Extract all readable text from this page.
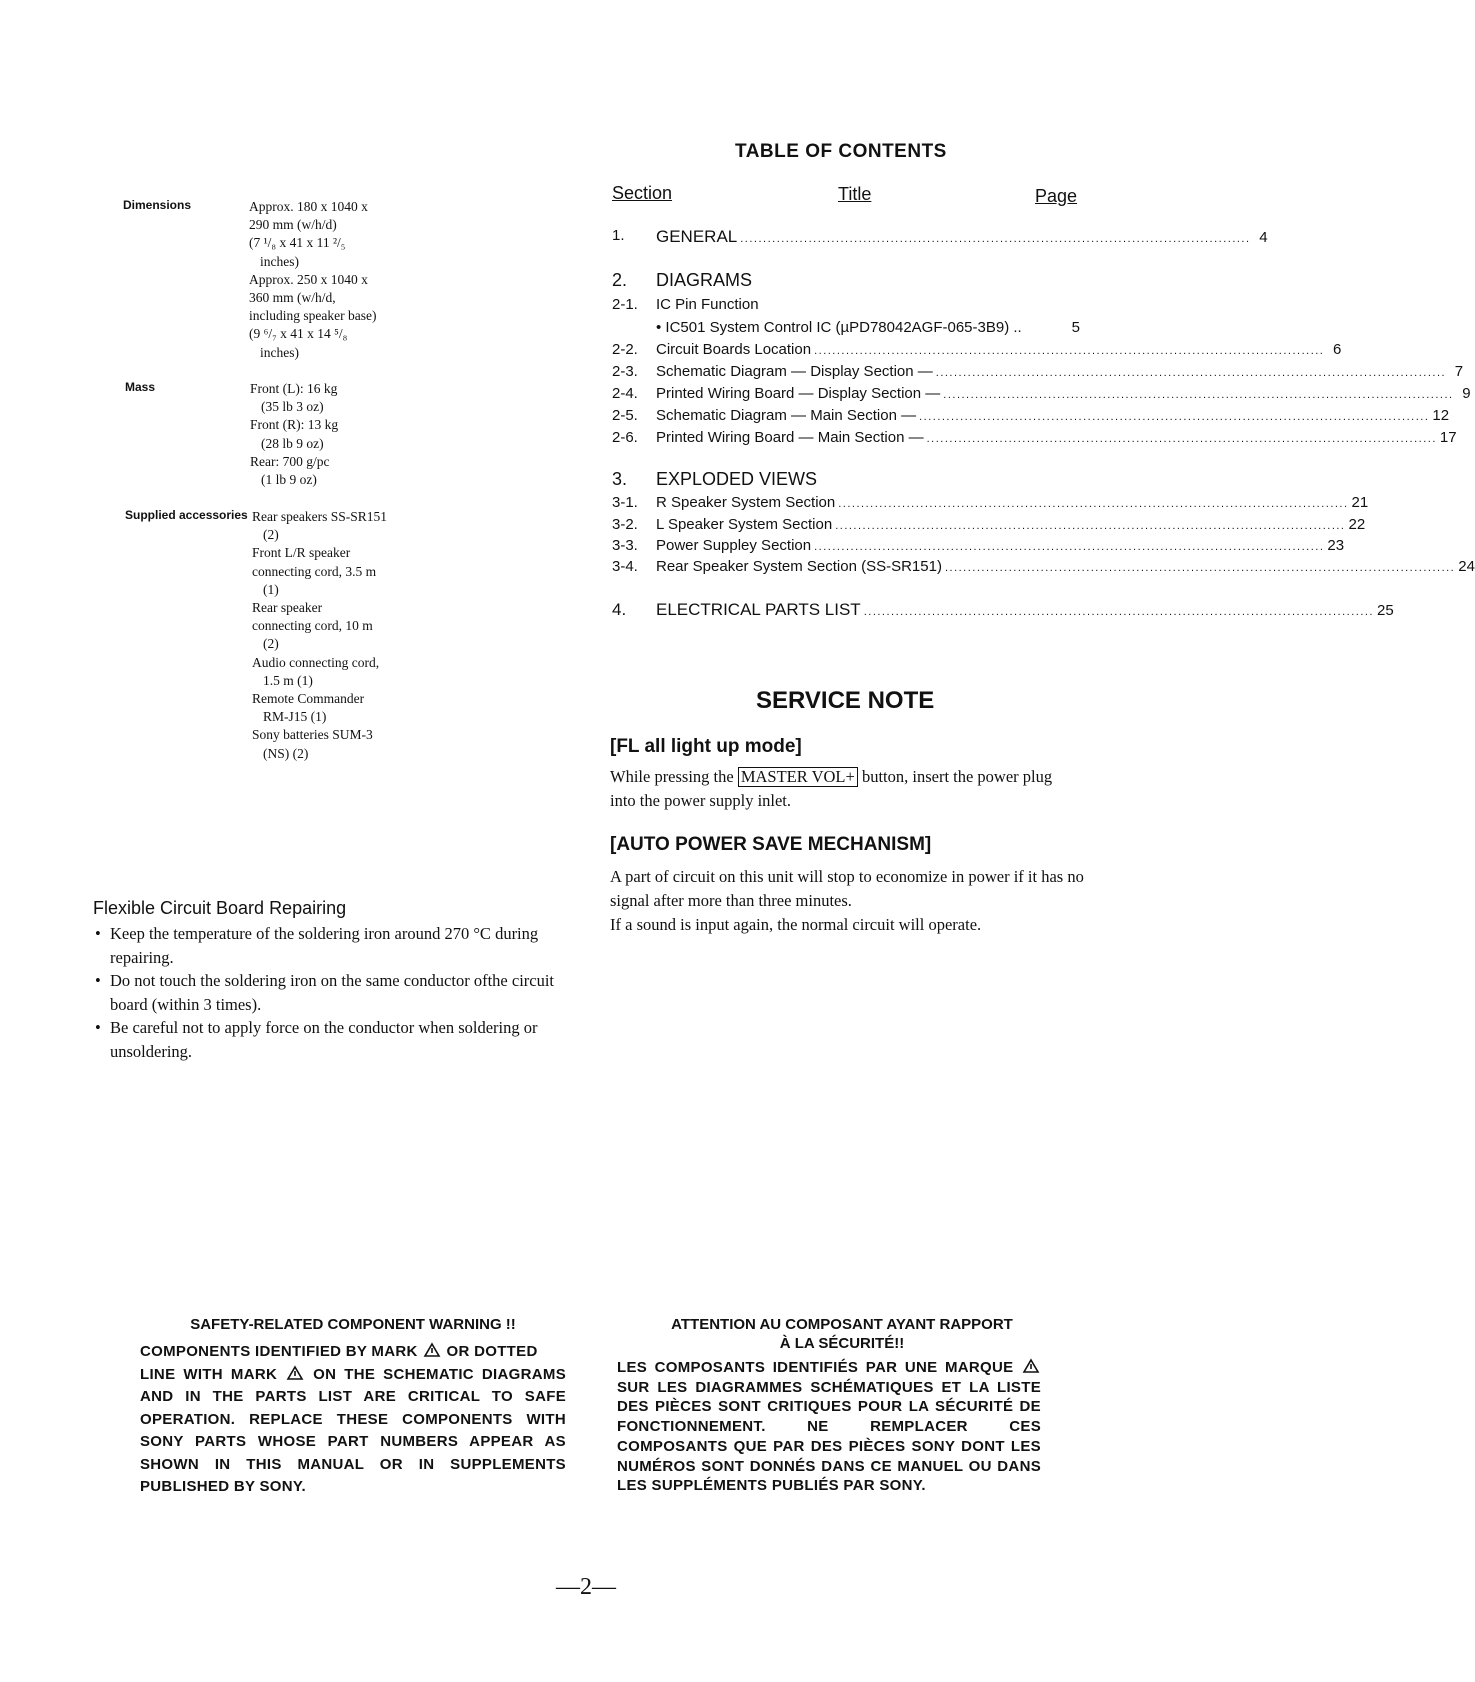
Dimensions	Approx. 180 x 1040 x
290 mm (w/h/d)
(7 ¹/₈ x 41 x 11 ²/₅
inches)
Approx. 250 x 1040 x
360 mm (w/h/d,
including speaker base)
(9 ⁶/₇ x 41 x 14 ⁵/₈
inches)
Mass	Front (L): 16 kg
(35 lb 3 oz)
Front (R): 13 kg
(28 lb 9 oz)
Rear: 700 g/pc
(1 lb 9 oz)
Supplied accessories Rear speakers SS-SR151
(2)
Front L/R speaker
connecting cord, 3.5 m
(1)
Rear speaker
connecting cord, 10 m
(2)
Audio connecting cord,
1.5 m (1)
Remote Commander
RM-J15 (1)
Sony batteries SUM-3
(NS) (2)
TABLE OF CONTENTS
Section	Title	Page
1. GENERAL ................................................................................................................ 4
2. DIAGRAMS
2-1. IC Pin Function
• IC501 System Control IC (µPD78042AGF-065-3B9) ..	5
2-2. Circuit Boards Location ................................................................................................................ 6
2-3. Schematic Diagram — Display Section — ................................................................................................................ 7
2-4. Printed Wiring Board — Display Section — ................................................................................................................ 9
2-5. Schematic Diagram — Main Section — ................................................................................................................ 12
2-6. Printed Wiring Board — Main Section — ................................................................................................................ 17
3. EXPLODED VIEWS
3-1. R Speaker System Section ................................................................................................................ 21
3-2. L Speaker System Section ................................................................................................................ 22
3-3. Power Suppley Section ................................................................................................................ 23
3-4. Rear Speaker System Section (SS-SR151) ................................................................................................................ 24
4. ELECTRICAL PARTS LIST ................................................................................................................ 25
SERVICE NOTE
[FL all light up mode]
While pressing the MASTER VOL+ button, insert the power plug into the power supply inlet.
[AUTO POWER SAVE MECHANISM]
A part of circuit on this unit will stop to economize in power if it has no signal after more than three minutes.
If a sound is input again, the normal circuit will operate.
Flexible Circuit Board Repairing
• Keep the temperature of the soldering iron around 270 °C during repairing.
• Do not touch the soldering iron on the same conductor ofthe circuit board (within 3 times).
• Be careful not to apply force on the conductor when soldering or unsoldering.
SAFETY-RELATED COMPONENT WARNING !!
COMPONENTS IDENTIFIED BY MARK OR DOTTED
LINE WITH MARK ON THE SCHEMATIC DIAGRAMS AND IN THE PARTS LIST ARE CRITICAL TO SAFE OPERATION. REPLACE THESE COMPONENTS WITH SONY PARTS WHOSE PART NUMBERS APPEAR AS SHOWN IN THIS MANUAL OR IN SUPPLEMENTS PUBLISHED BY SONY.
ATTENTION AU COMPOSANT AYANT RAPPORT
À LA SÉCURITÉ!!
LES COMPOSANTS IDENTIFIÉS PAR UNE MARQUE
SUR LES DIAGRAMMES SCHÉMATIQUES ET LA LISTE DES PIÈCES SONT CRITIQUES POUR LA SÉCURITÉ DE FONCTIONNEMENT. NE REMPLACER CES COMPOSANTS QUE PAR DES PIÈCES SONY DONT LES NUMÉROS SONT DONNÉS DANS CE MANUEL OU DANS LES SUPPLÉMENTS PUBLIÉS PAR SONY.
—2—
